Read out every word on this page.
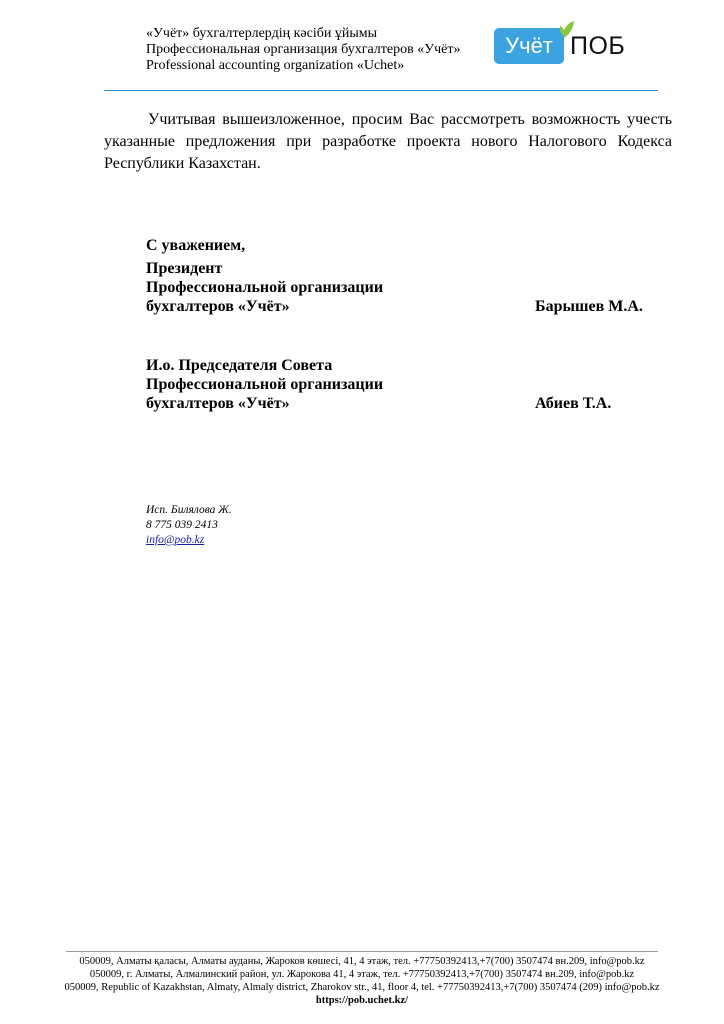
«Учёт» бухгалтерлердің кәсіби ұйымы
Профессиональная организация бухгалтеров «Учёт»
Professional accounting organization «Uchet»
Учёт ПОБ
Учитывая вышеизложенное, просим Вас рассмотреть возможность учесть указанные предложения при разработке проекта нового Налогового Кодекса Республики Казахстан.
С уважением,
Президент
Профессиональной организации
бухгалтеров «Учёт»	Барышев М.А.
И.о. Председателя Совета
Профессиональной организации
бухгалтеров «Учёт»	Абиев Т.А.
Исп. Билялова Ж.
8 775 039 2413
info@pob.kz
050009, Алматы қаласы, Алматы ауданы, Жароков көшесі, 41, 4 этаж, тел. +77750392413,+7(700) 3507474 вн.209, info@pob.kz
050009, г. Алматы, Алмалинский район, ул. Жарокова 41, 4 этаж, тел. +77750392413,+7(700) 3507474 вн.209, info@pob.kz
050009, Republic of Kazakhstan, Almaty, Almaly district, Zharokov str., 41, floor 4, tel. +77750392413,+7(700) 3507474 (209) info@pob.kz
https://pob.uchet.kz/
